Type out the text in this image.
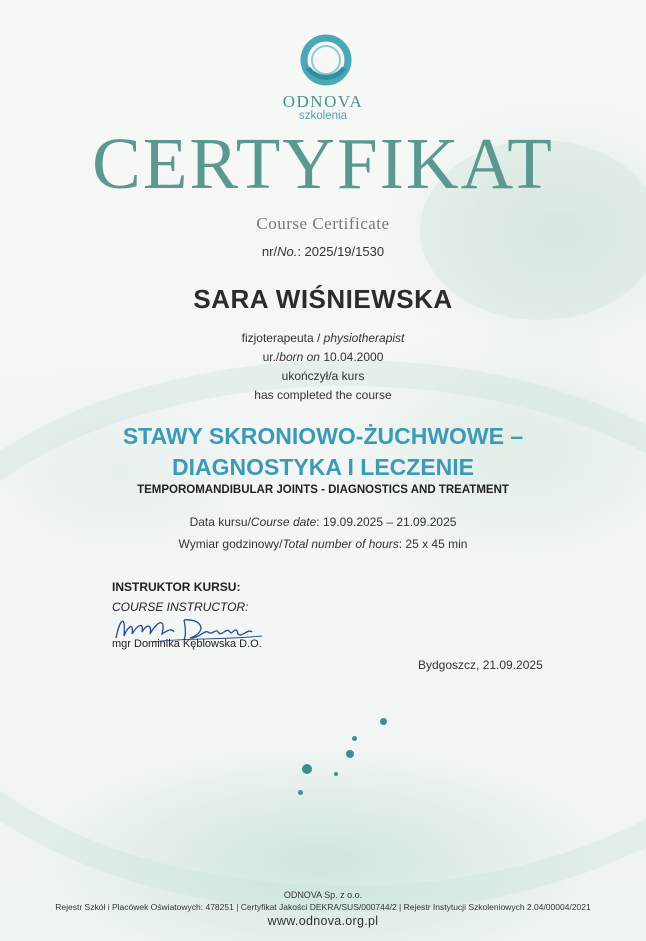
ODNOVA
szkolenia
CERTYFIKAT
Course Certificate
nr/No.: 2025/19/1530
SARA WIŚNIEWSKA
fizjoterapeuta / physiotherapist
ur./born on 10.04.2000
ukończył/a kurs
has completed the course
STAWY SKRONIOWO-ŻUCHWOWE –
DIAGNOSTYKA I LECZENIE
TEMPOROMANDIBULAR JOINTS - DIAGNOSTICS AND TREATMENT
Data kursu/Course date: 19.09.2025 – 21.09.2025
Wymiar godzinowy/Total number of hours: 25 x 45 min
INSTRUKTOR KURSU:
COURSE INSTRUCTOR:
mgr Dominika Kęblowska D.O.
Bydgoszcz, 21.09.2025
ODNOVA Sp. z o.o.
Rejestr Szkół i Placówek Oświatowych: 478251 | Certyfikat Jakości DEKRA/SUS/000744/2 | Rejestr Instytucji Szkoleniowych 2.04/00004/2021
www.odnova.org.pl
